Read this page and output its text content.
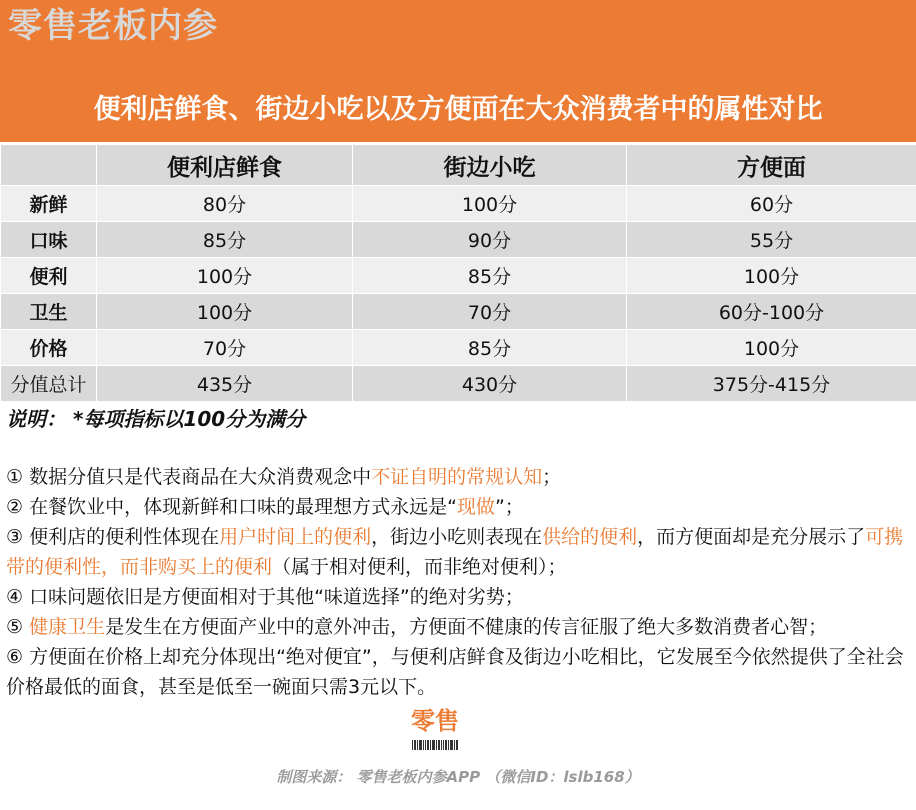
零售老板内参
便利店鲜食、街边小吃以及方便面在大众消费者中的属性对比
	便利店鲜食	街边小吃	方便面
新鲜	80分	100分	60分
口味	85分	90分	55分
便利	100分	85分	100分
卫生	100分	70分	60分-100分
价格	70分	85分	100分
分值总计	435分	430分	375分-415分
说明： *每项指标以100分为满分

① 数据分值只是代表商品在大众消费观念中不证自明的常规认知；

② 在餐饮业中，体现新鲜和口味的最理想方式永远是“现做”；

③ 便利店的便利性体现在用户时间上的便利，街边小吃则表现在供给的便利，而方便面却是充分展示了可携带的便利性，而非购买上的便利（属于相对便利，而非绝对便利）；

④ 口味问题依旧是方便面相对于其他“味道选择”的绝对劣势；

⑤ 健康卫生是发生在方便面产业中的意外冲击，方便面不健康的传言征服了绝大多数消费者心智；

⑥ 方便面在价格上却充分体现出“绝对便宜”，与便利店鲜食及街边小吃相比，它发展至今依然提供了全社会价格最低的面食，甚至是低至一碗面只需3元以下。

零售
制图来源： 零售老板内参APP （微信ID：lslb168）
